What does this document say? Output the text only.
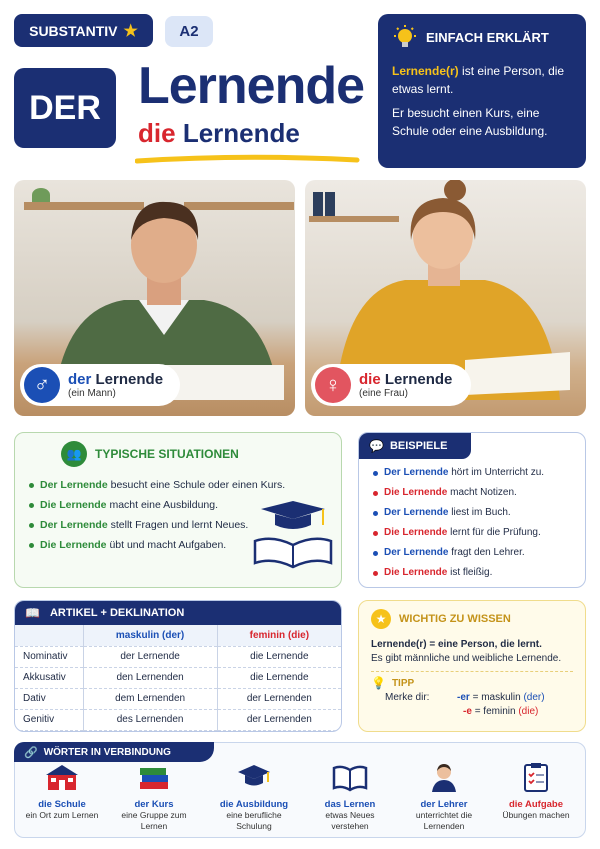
SUBSTANTIV ★	A2
DER Lernende
die Lernende
EINFACH ERKLÄRT
Lernende(r) ist eine Person, die etwas lernt.
Er besucht einen Kurs, eine Schule oder eine Ausbildung.
♂	der Lernende
(ein Mann)	♀	die Lernende
(eine Frau)
👥	TYPISCHE SITUATIONEN
Der Lernende besucht eine Schule oder einen Kurs.
Die Lernende macht eine Ausbildung.
Der Lernende stellt Fragen und lernt Neues.
Die Lernende übt und macht Aufgaben.
💬 BEISPIELE
Der Lernende hört im Unterricht zu.
Die Lernende macht Notizen.
Der Lernende liest im Buch.
Die Lernende lernt für die Prüfung.
Der Lernende fragt den Lehrer.
Die Lernende ist fleißig.
📖 ARTIKEL + DEKLINATION
	maskulin (der)	feminin (die)
Nominativ	der Lernende	die Lernende
Akkusativ	den Lernenden	die Lernende
Dativ	dem Lernenden	der Lernenden
Genitiv	des Lernenden	der Lernenden
★	WICHTIG ZU WISSEN
Lernende(r) = eine Person, die lernt.
Es gibt männliche und weibliche Lernende.
💡 TIPP
Merke dir:	-er = maskulin (der)
-e = feminin (die)
🔗 WÖRTER IN VERBINDUNG
die Schule
ein Ort zum Lernen
der Kurs
eine Gruppe zum Lernen
die Ausbildung
eine berufliche Schulung
das Lernen
etwas Neues verstehen
der Lehrer
unterrichtet die Lernenden
die Aufgabe
Übungen machen
